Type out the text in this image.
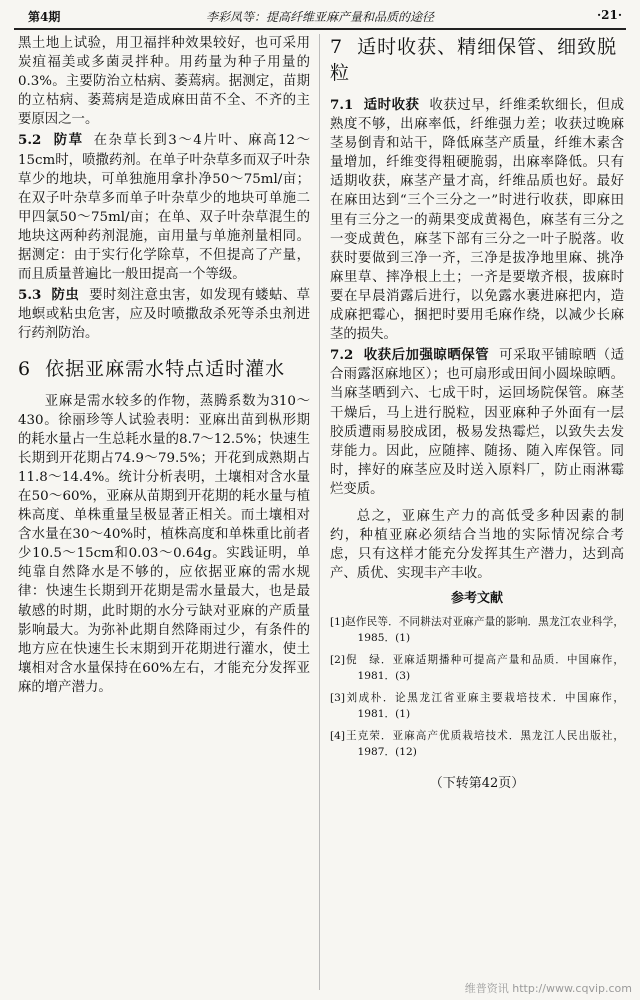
第4期	李彩凤等：提高纤维亚麻产量和品质的途径	·21·

黑土地上试验，用卫福拌种效果较好，也可采用炭疽福美或多菌灵拌种。用药量为种子用量的0.3%。主要防治立枯病、萎蔫病。据测定，苗期的立枯病、萎蔫病是造成麻田苗不全、不齐的主要原因之一。

5.2 防草 在杂草长到3～4片叶、麻高12～15cm时，喷撒药剂。在单子叶杂草多而双子叶杂草少的地块，可单独施用拿扑净50～75ml/亩；在双子叶杂草多而单子叶杂草少的地块可单施二甲四氯50～75ml/亩；在单、双子叶杂草混生的地块这两种药剂混施，亩用量与单施剂量相同。据测定：由于实行化学除草，不但提高了产量，而且质量普遍比一般田提高一个等级。

5.3 防虫 要时刻注意虫害，如发现有蝼蛄、草地螟或粘虫危害，应及时喷撒敌杀死等杀虫剂进行药剂防治。

6 依据亚麻需水特点适时灌水

亚麻是需水较多的作物，蒸腾系数为310～430。徐丽珍等人试验表明：亚麻出苗到枞形期的耗水量占一生总耗水量的8.7～12.5%；快速生长期到开花期占74.9～79.5%；开花到成熟期占11.8～14.4%。统计分析表明，土壤相对含水量在50～60%，亚麻从苗期到开花期的耗水量与植株高度、单株重量呈极显著正相关。而土壤相对含水量在30～40%时，植株高度和单株重比前者少10.5～15cm和0.03～0.64g。实践证明，单纯靠自然降水是不够的，应依据亚麻的需水规律：快速生长期到开花期是需水量最大，也是最敏感的时期，此时期的水分亏缺对亚麻的产质量影响最大。为弥补此期自然降雨过少，有条件的地方应在快速生长末期到开花期进行灌水，使土壤相对含水量保持在60%左右，才能充分发挥亚麻的增产潜力。

7 适时收获、精细保管、细致脱粒

7.1 适时收获 收获过早，纤维柔软细长，但成熟度不够，出麻率低，纤维强力差；收获过晚麻茎易倒青和站干，降低麻茎产质量，纤维木素含量增加，纤维变得粗硬脆弱，出麻率降低。只有适期收获，麻茎产量才高，纤维品质也好。最好在麻田达到“三个三分之一”时进行收获，即麻田里有三分之一的蒴果变成黄褐色，麻茎有三分之一变成黄色，麻茎下部有三分之一叶子脱落。收获时要做到三净一齐，三净是拔净地里麻、挑净麻里草、摔净根上土；一齐是要墩齐根，拔麻时要在早晨消露后进行，以免露水裹进麻把内，造成麻把霉心，捆把时要用毛麻作绕，以减少长麻茎的损失。

7.2 收获后加强晾晒保管 可采取平铺晾晒（适合雨露沤麻地区）；也可扇形或田间小圆垛晾晒。当麻茎晒到六、七成干时，运回场院保管。麻茎干燥后，马上进行脱粒，因亚麻种子外面有一层胶质遭雨易胶成团，极易发热霉烂，以致失去发芽能力。因此，应随摔、随扬、随入库保管。同时，摔好的麻茎应及时送入原料厂，防止雨淋霉烂变质。

总之，亚麻生产力的高低受多种因素的制约，种植亚麻必须结合当地的实际情况综合考虑，只有这样才能充分发挥其生产潜力，达到高产、质优、实现丰产丰收。

参考文献

[1]赵作民等．不同耕法对亚麻产量的影响．黑龙江农业科学，1985．(1)

[2]倪　绿．亚麻适期播种可提高产量和品质．中国麻作，1981．(3)

[3]刘成朴．论黑龙江省亚麻主要栽培技术．中国麻作，1981．(1)

[4]王克荣．亚麻高产优质栽培技术．黑龙江人民出版社，1987．(12)

（下转第42页）
维普资讯 http://www.cqvip.com
